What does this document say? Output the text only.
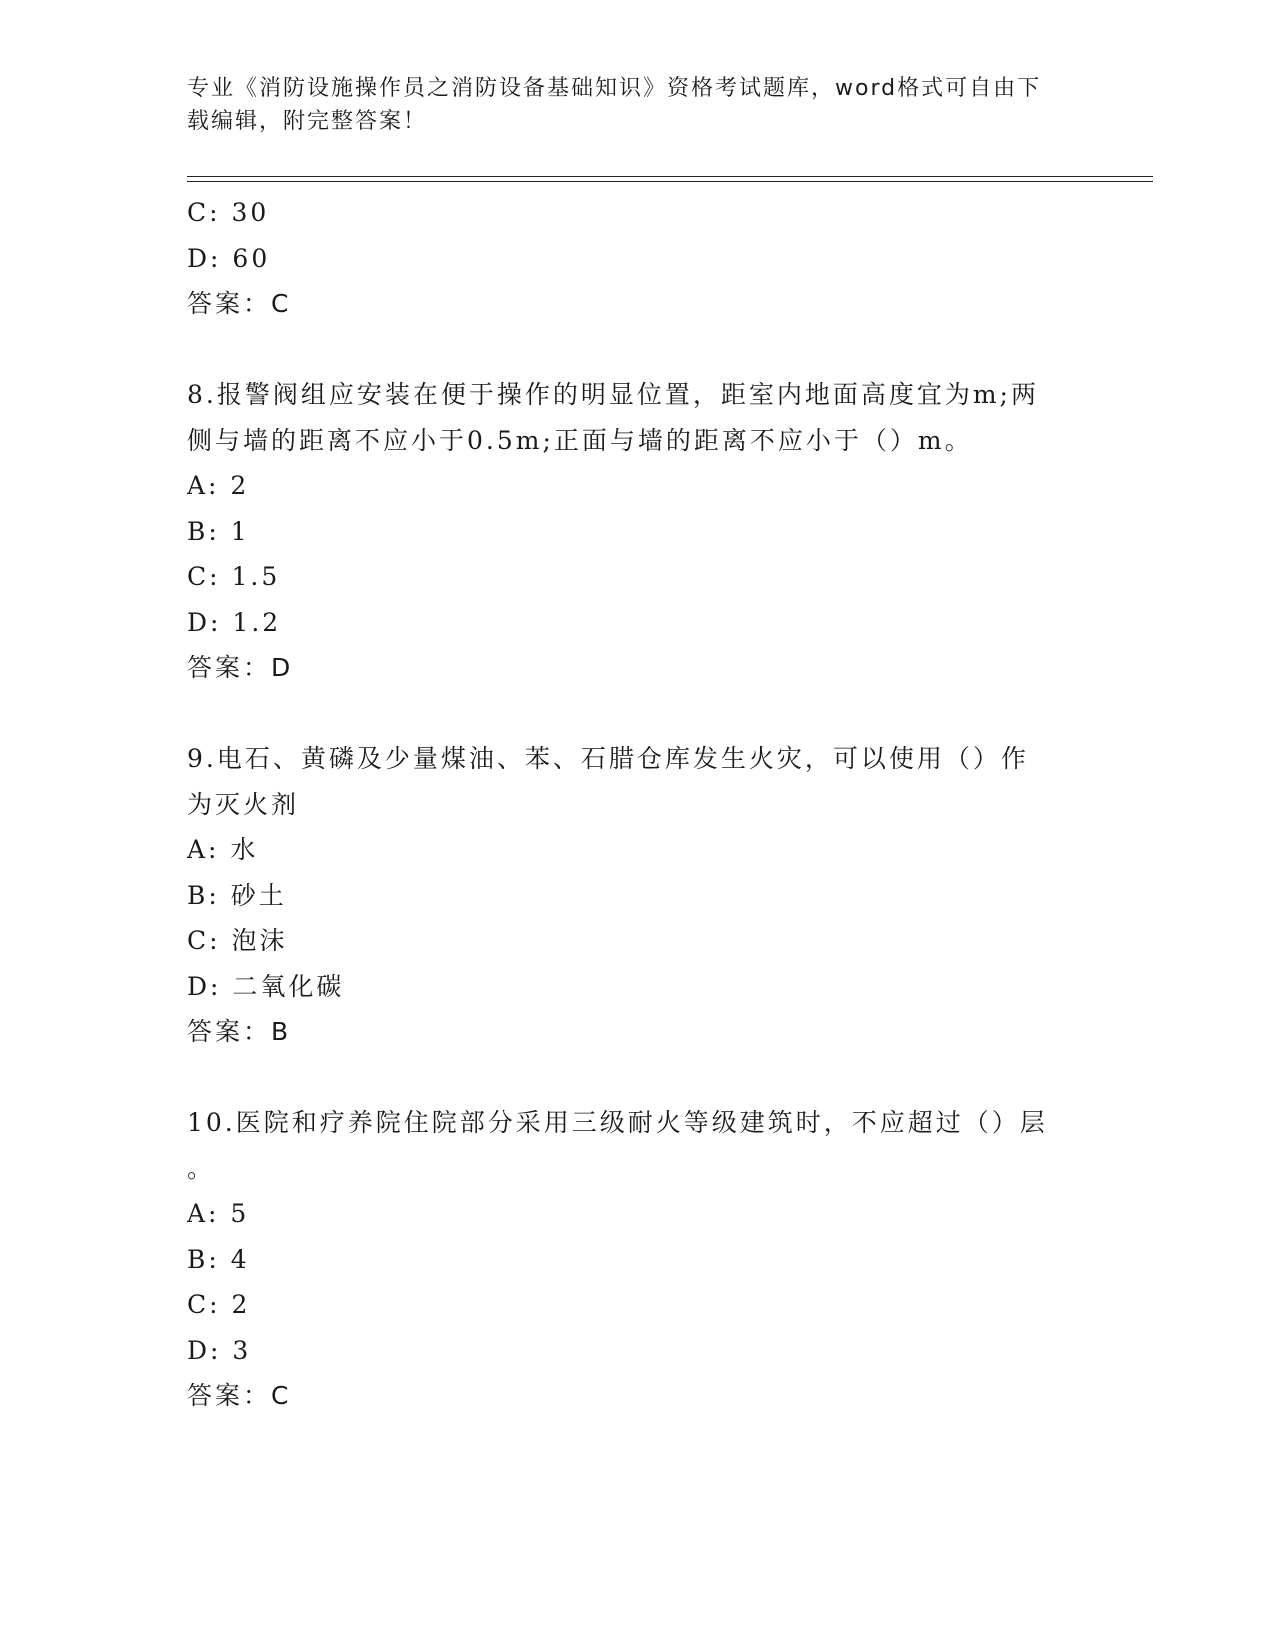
专业《消防设施操作员之消防设备基础知识》资格考试题库，word格式可自由下
载编辑，附完整答案！
C: 30
D: 60
答案：C
8.报警阀组应安装在便于操作的明显位置，距室内地面高度宜为m;两
侧与墙的距离不应小于0.5m;正面与墙的距离不应小于（）m。
A: 2
B: 1
C: 1.5
D: 1.2
答案：D
9.电石、黄磷及少量煤油、苯、石腊仓库发生火灾，可以使用（）作
为灭火剂
A: 水
B: 砂土
C: 泡沫
D: 二氧化碳
答案：B
10.医院和疗养院住院部分采用三级耐火等级建筑时，不应超过（）层
。
A: 5
B: 4
C: 2
D: 3
答案：C
